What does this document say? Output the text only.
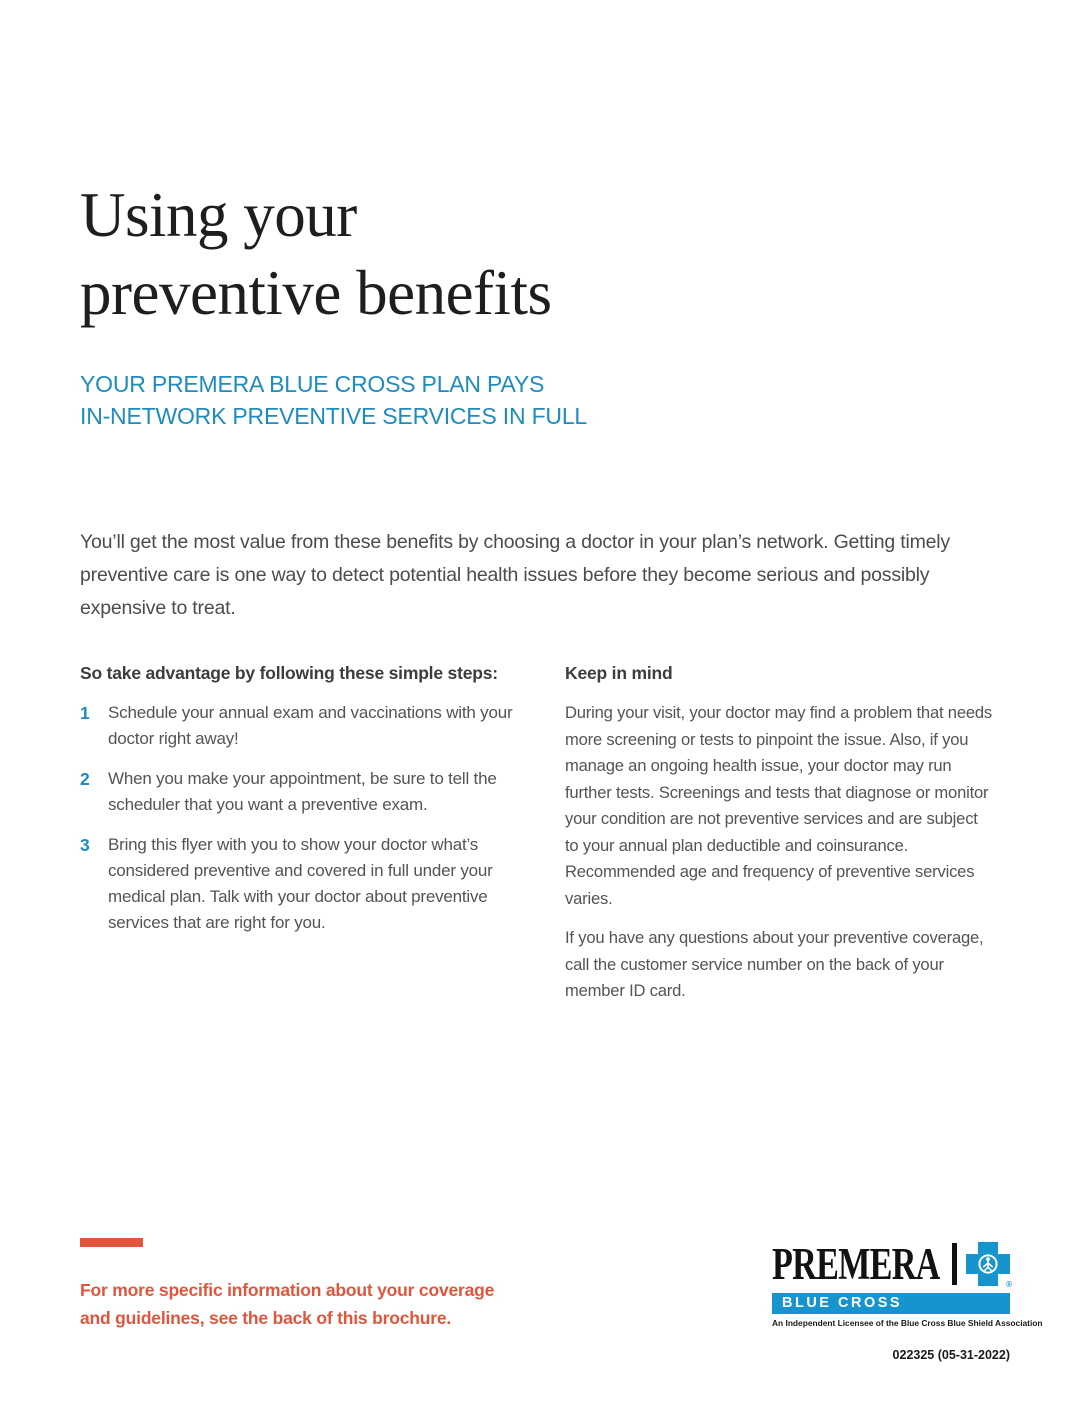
Using your
preventive benefits
YOUR PREMERA BLUE CROSS PLAN PAYS
IN-NETWORK PREVENTIVE SERVICES IN FULL

You’ll get the most value from these benefits by choosing a doctor in your plan’s network. Getting timely preventive care is one way to detect potential health issues before they become serious and possibly expensive to treat.

So take advantage by following these simple steps:
1	Schedule your annual exam and vaccinations with your doctor right away!
2	When you make your appointment, be sure to tell the scheduler that you want a preventive exam.
3	Bring this flyer with you to show your doctor what’s considered preventive and covered in full under your medical plan. Talk with your doctor about preventive services that are right for you.
Keep in mind

During your visit, your doctor may find a problem that needs more screening or tests to pinpoint the issue. Also, if you manage an ongoing health issue, your doctor may run further tests. Screenings and tests that diagnose or monitor your condition are not preventive services and are subject to your annual plan deductible and coinsurance. Recommended age and frequency of preventive services varies.

If you have any questions about your preventive coverage, call the customer service number on the back of your member ID card.

For more specific information about your coverage and guidelines, see the back of this brochure.
PREMERA	®
BLUE CROSS
An Independent Licensee of the Blue Cross Blue Shield Association
022325 (05-31-2022)
